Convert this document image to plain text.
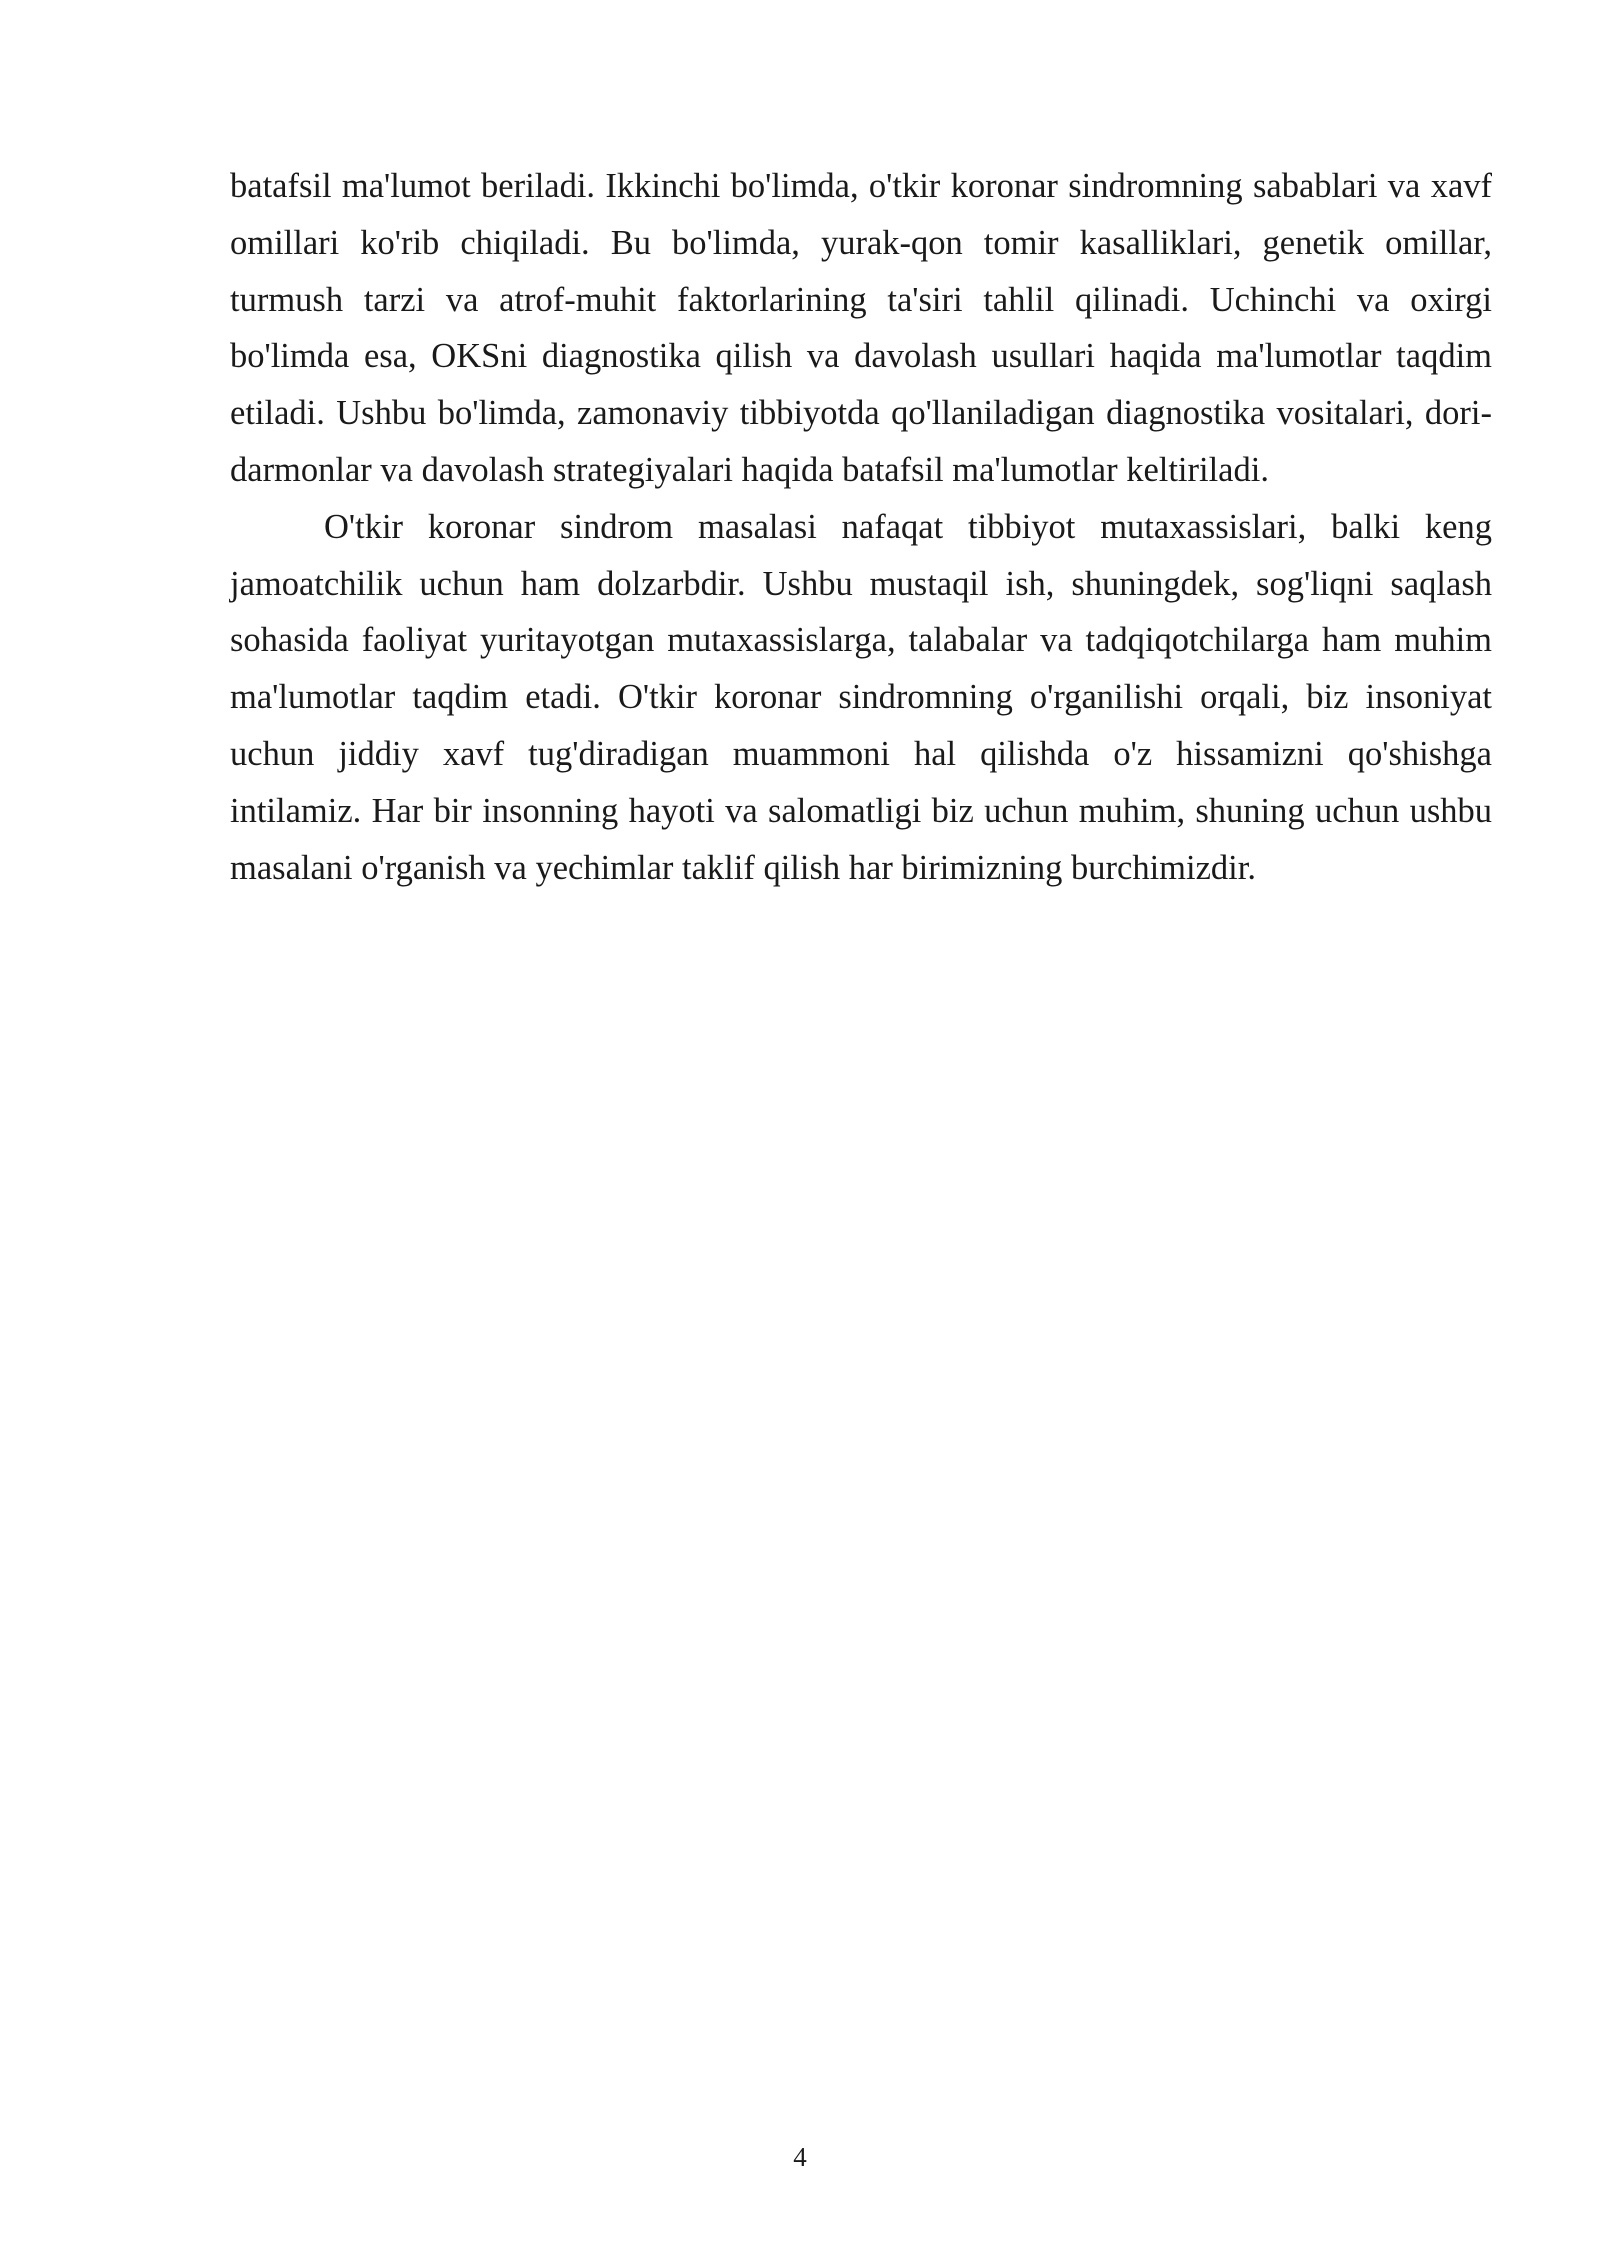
batafsil ma'lumot beriladi. Ikkinchi bo'limda, o'tkir koronar sindromning sabablari va xavf omillari ko'rib chiqiladi. Bu bo'limda, yurak-qon tomir kasalliklari, genetik omillar, turmush tarzi va atrof-muhit faktorlarining ta'siri tahlil qilinadi. Uchinchi va oxirgi bo'limda esa, OKSni diagnostika qilish va davolash usullari haqida ma'lumotlar taqdim etiladi. Ushbu bo'limda, zamonaviy tibbiyotda qo'llaniladigan diagnostika vositalari, dori-darmonlar va davolash strategiyalari haqida batafsil ma'lumotlar keltiriladi.

O'tkir koronar sindrom masalasi nafaqat tibbiyot mutaxassislari, balki keng jamoatchilik uchun ham dolzarbdir. Ushbu mustaqil ish, shuningdek, sog'liqni saqlash sohasida faoliyat yuritayotgan mutaxassislarga, talabalar va tadqiqotchilarga ham muhim ma'lumotlar taqdim etadi. O'tkir koronar sindromning o'rganilishi orqali, biz insoniyat uchun jiddiy xavf tug'diradigan muammoni hal qilishda o'z hissamizni qo'shishga intilamiz. Har bir insonning hayoti va salomatligi biz uchun muhim, shuning uchun ushbu masalani o'rganish va yechimlar taklif qilish har birimizning burchimizdir.

4
